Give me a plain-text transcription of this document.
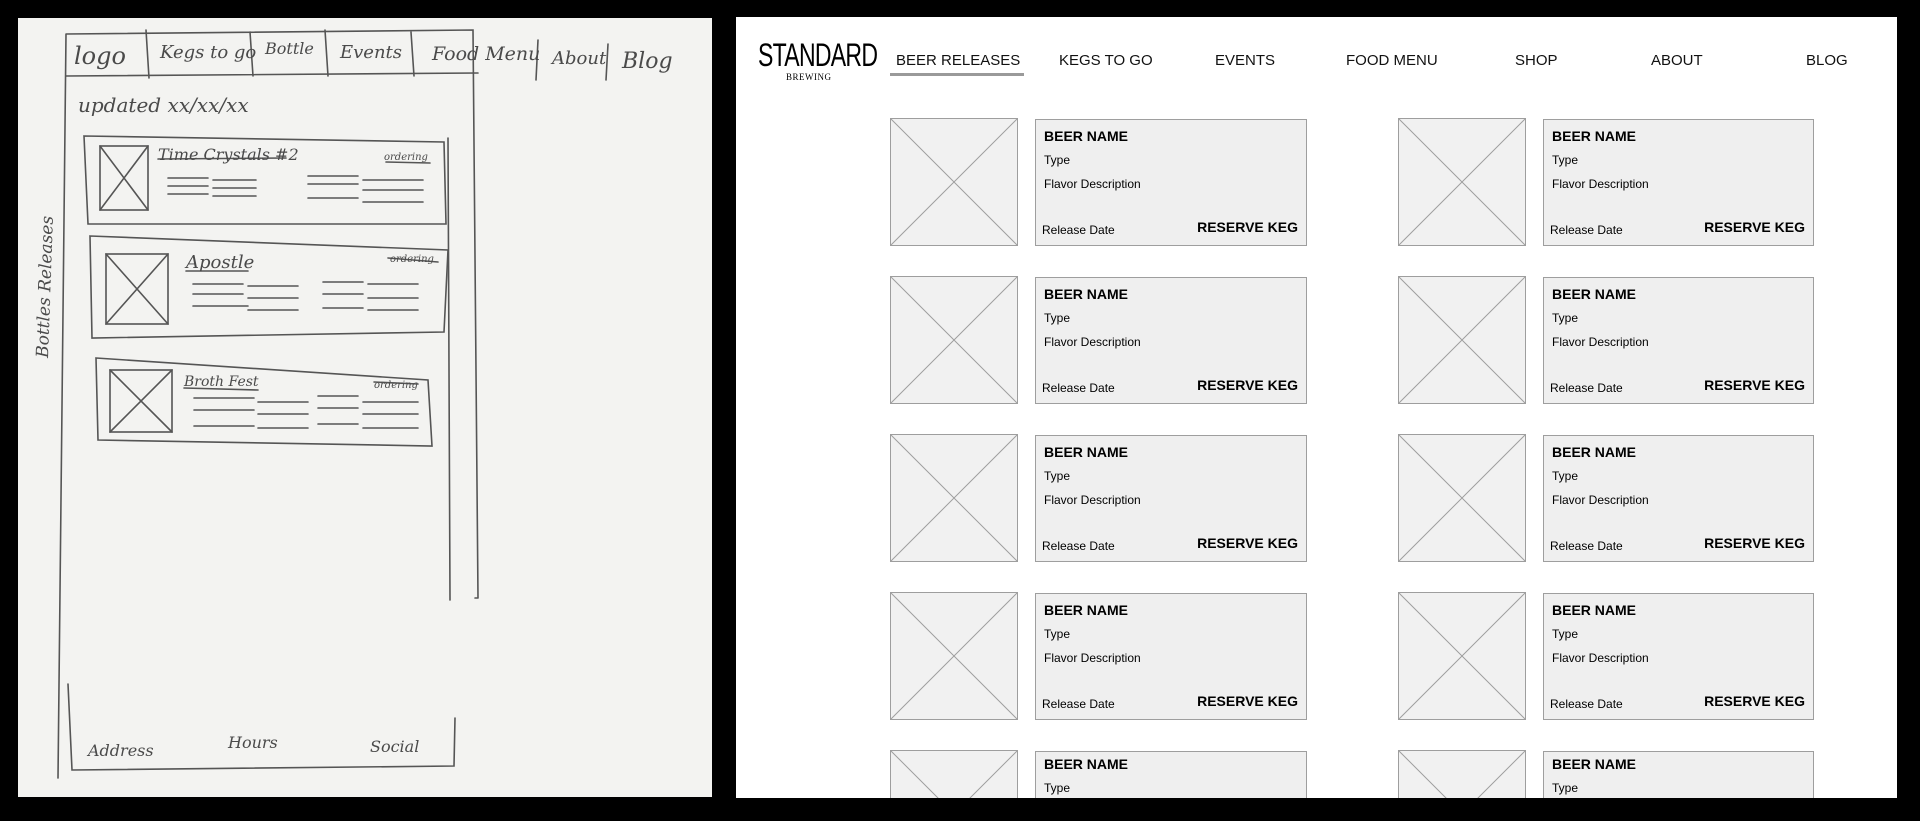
logo Kegs to go Bottle Events Food Menu About Blog
updated xx/xx/xx
Time Crystals #2	ordering
Apostle	ordering
Broth Fest	ordering
Bottles Releases
Address	Hours	Social
STANDARD
BREWING
BEER RELEASES	KEGS TO GO	EVENTS	FOOD MENU	SHOP	ABOUT	BLOG
BEER NAME
Type
Flavor Description
Release Date	RESERVE KEG
BEER NAME
Type
Flavor Description
Release Date	RESERVE KEG
BEER NAME
Type
Flavor Description
Release Date	RESERVE KEG
BEER NAME
Type
Flavor Description
Release Date	RESERVE KEG
BEER NAME
Type
Flavor Description
Release Date	RESERVE KEG
BEER NAME
Type
Flavor Description
Release Date	RESERVE KEG
BEER NAME
Type
Flavor Description
Release Date	RESERVE KEG
BEER NAME
Type
Flavor Description
Release Date	RESERVE KEG
BEER NAME
Type
BEER NAME
Type
